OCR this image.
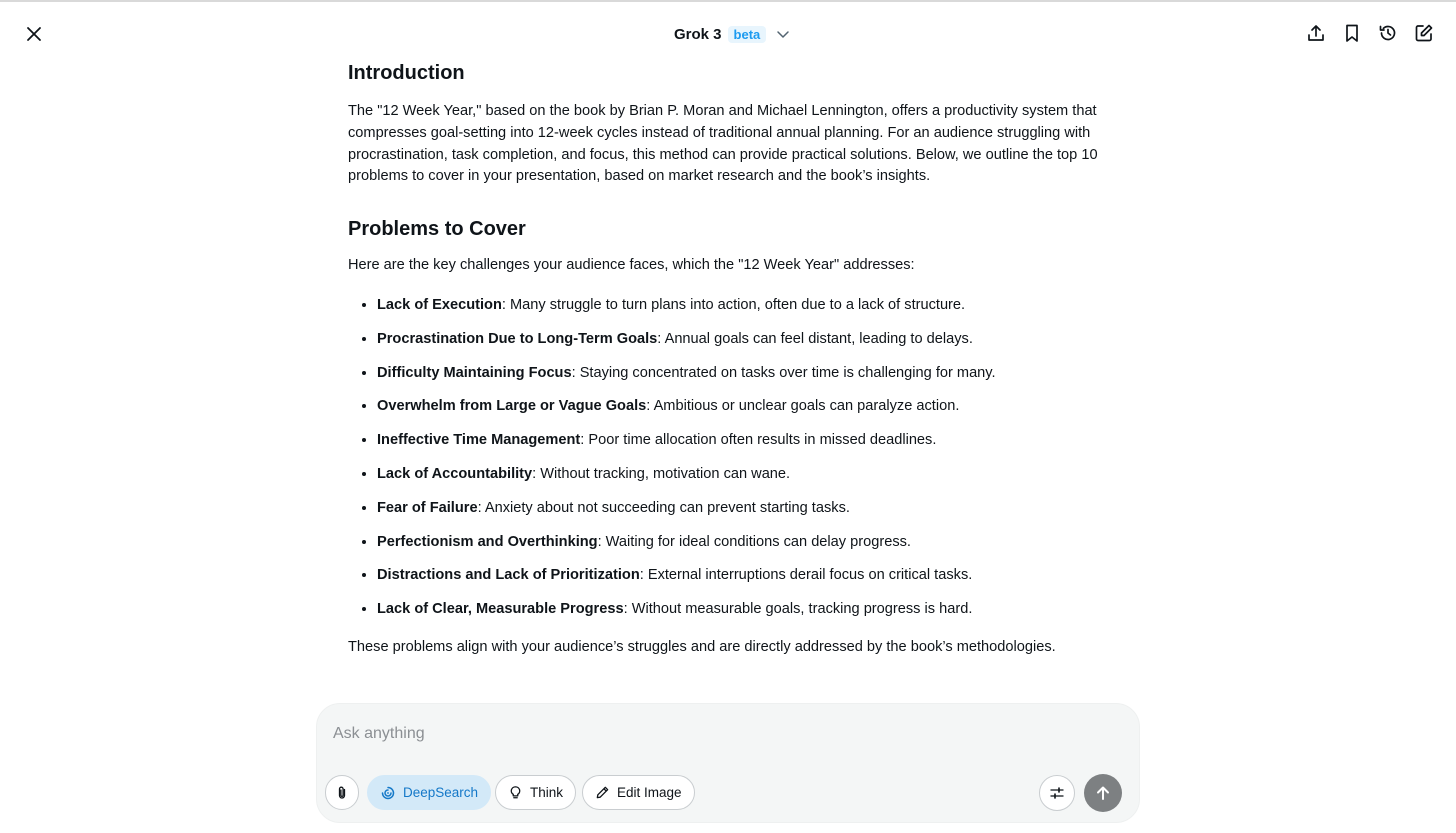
Grok 3 beta
Introduction

The "12 Week Year," based on the book by Brian P. Moran and Michael Lennington, offers a productivity system that compresses goal-setting into 12-week cycles instead of traditional annual planning. For an audience struggling with procrastination, task completion, and focus, this method can provide practical solutions. Below, we outline the top 10 problems to cover in your presentation, based on market research and the book’s insights.

Problems to Cover

Here are the key challenges your audience faces, which the "12 Week Year" addresses:

• Lack of Execution: Many struggle to turn plans into action, often due to a lack of structure.
• Procrastination Due to Long-Term Goals: Annual goals can feel distant, leading to delays.
• Difficulty Maintaining Focus: Staying concentrated on tasks over time is challenging for many.
• Overwhelm from Large or Vague Goals: Ambitious or unclear goals can paralyze action.
• Ineffective Time Management: Poor time allocation often results in missed deadlines.
• Lack of Accountability: Without tracking, motivation can wane.
• Fear of Failure: Anxiety about not succeeding can prevent starting tasks.
• Perfectionism and Overthinking: Waiting for ideal conditions can delay progress.
• Distractions and Lack of Prioritization: External interruptions derail focus on critical tasks.
• Lack of Clear, Measurable Progress: Without measurable goals, tracking progress is hard.

These problems align with your audience’s struggles and are directly addressed by the book’s methodologies.

Ask anything
DeepSearch	Think	Edit Image
